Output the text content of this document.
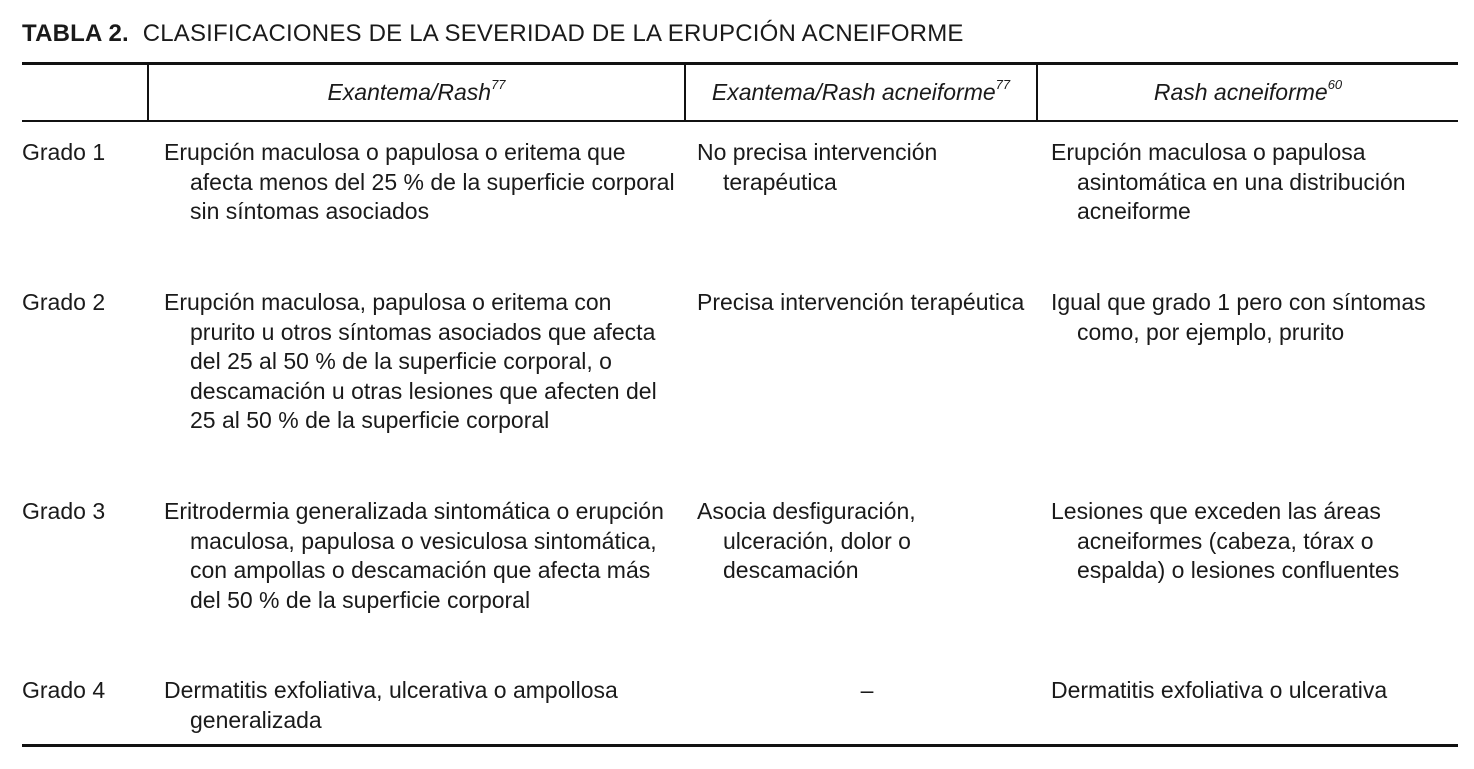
TABLA 2. CLASIFICACIONES DE LA SEVERIDAD DE LA ERUPCIÓN ACNEIFORME
	Exantema/Rash$^{77}$	Exantema/Rash acneiforme$^{77}$	Rash acneiforme$^{60}$
Grado 1	Erupción maculosa o papulosa o eritema que afecta menos del 25 % de la superficie corporal sin síntomas asociados	No precisa intervención terapéutica	Erupción maculosa o papulosa asintomática en una distribución acneiforme

Grado 2	Erupción maculosa, papulosa o eritema con prurito u otros síntomas asociados que afecta del 25 al 50 % de la superficie corporal, o descamación u otras lesiones que afecten del 25 al 50 % de la superficie corporal	Precisa intervención terapéutica	Igual que grado 1 pero con síntomas como, por ejemplo, prurito

Grado 3	Eritrodermia generalizada sintomática o erupción maculosa, papulosa o vesiculosa sintomática, con ampollas o descamación que afecta más del 50 % de la superficie corporal	Asocia desfiguración, ulceración, dolor o descamación	Lesiones que exceden las áreas acneiformes (cabeza, tórax o espalda) o lesiones confluentes

Grado 4	Dermatitis exfoliativa, ulcerativa o ampollosa generalizada	–	Dermatitis exfoliativa o ulcerativa
